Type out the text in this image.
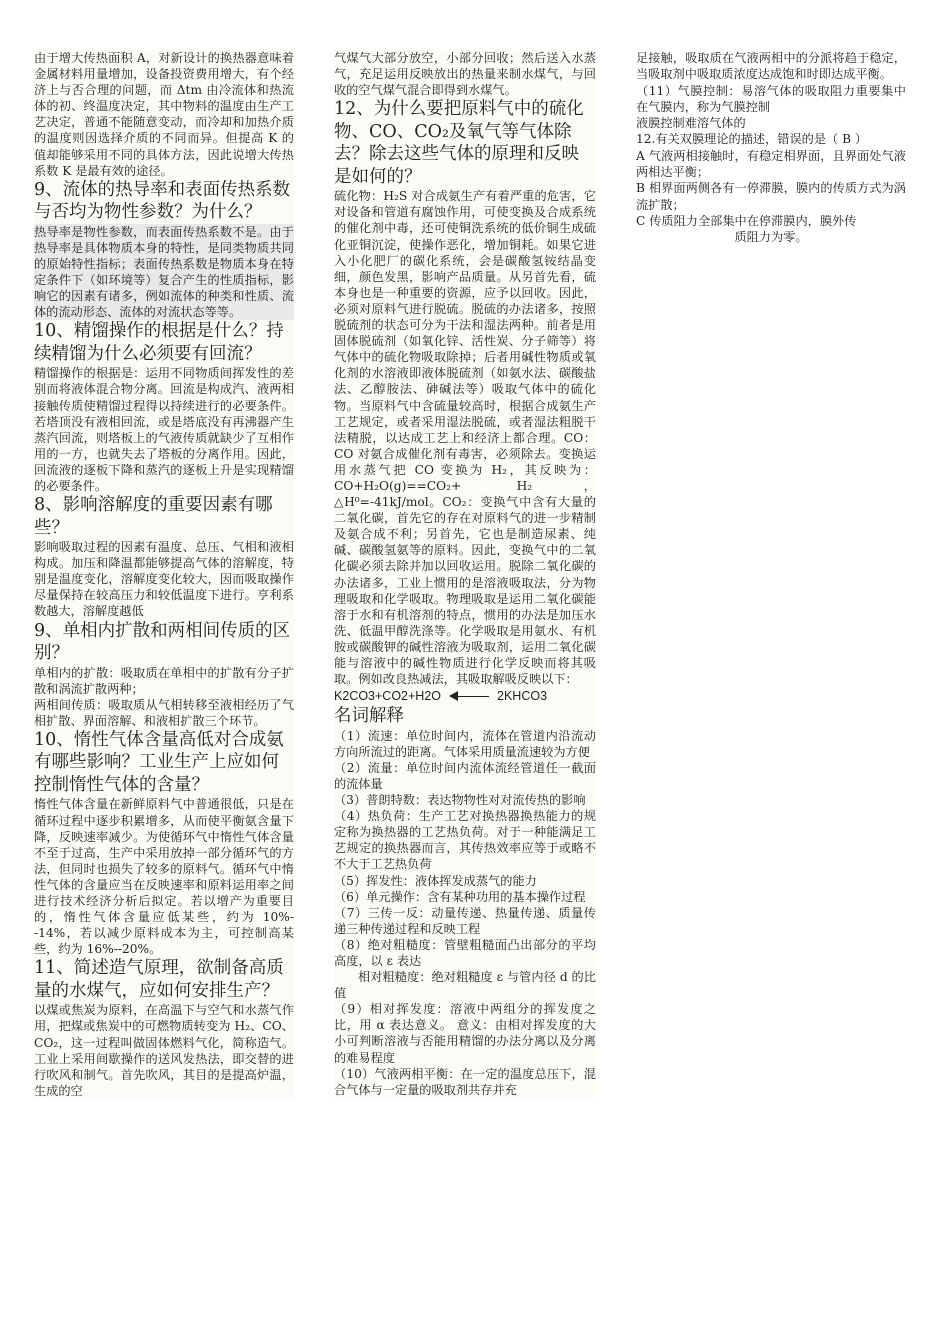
由于增大传热面积 A，对新设计的换热器意味着金属材料用量增加，设备投资费用增大，有个经济上与否合理的问题，而 Δtm 由冷流体和热流体的初、终温度决定，其中物料的温度由生产工艺决定，普通不能随意变动，而冷却和加热介质的温度则因选择介质的不同而异。但提高 K 的值却能够采用不同的具体方法，因此说增大传热系数 K 是最有效的途径。

9、流体的热导率和表面传热系数与否均为物性参数？为什么？

热导率是物性参数，而表面传热系数不是。由于热导率是具体物质本身的特性，是同类物质共同的原始特性指标；表面传热系数是物质本身在特定条件下（如环境等）复合产生的性质指标，影响它的因素有诸多，例如流体的种类和性质、流体的流动形态、流体的对流状态等等。

10、精馏操作的根据是什么？持续精馏为什么必须要有回流？

精馏操作的根据是：运用不同物质间挥发性的差别而将液体混合物分离。回流是构成汽、液两相接触传质使精馏过程得以持续进行的必要条件。若塔顶没有液相回流，或是塔底没有再沸器产生蒸汽回流，则塔板上的气液传质就缺少了互相作用的一方，也就失去了塔板的分离作用。因此，回流液的逐板下降和蒸汽的逐板上升是实现精馏的必要条件。

8、影响溶解度的重要因素有哪些？

影响吸取过程的因素有温度、总压、气相和液相构成。加压和降温都能够提高气体的溶解度，特别是温度变化，溶解度变化较大，因而吸取操作尽量保持在较高压力和较低温度下进行。亨利系数越大，溶解度越低

9、单相内扩散和两相间传质的区别？

单相内的扩散：吸取质在单相中的扩散有分子扩散和涡流扩散两种；

两相间传质：吸取质从气相转移至液相经历了气相扩散、界面溶解、和液相扩散三个环节。

10、惰性气体含量高低对合成氨有哪些影响？工业生产上应如何控制惰性气体的含量？

惰性气体含量在新鲜原料气中普通很低，只是在循环过程中逐步积累增多，从而使平衡氨含量下降，反映速率减少。为使循环气中惰性气体含量不至于过高，生产中采用放掉一部分循环气的方法，但同时也损失了较多的原料气。循环气中惰性气体的含量应当在反映速率和原料运用率之间进行技术经济分析后拟定。若以增产为重要目的，惰性气体含量应低某些，约为 10%--14%，若以减少原料成本为主，可控制高某些，约为 16%--20%。

11、简述造气原理，欲制备高质量的水煤气，应如何安排生产？

以煤或焦炭为原料，在高温下与空气和水蒸气作用，把煤或焦炭中的可燃物质转变为 H₂、CO、CO₂，这一过程叫做固体燃料气化，简称造气。工业上采用间歇操作的送风发热法，即交替的进行吹风和制气。首先吹风，其目的是提高炉温，生成的空

气煤气大部分放空，小部分回收；然后送入水蒸气，充足运用反映放出的热量来制水煤气，与回收的空气煤气混合即得到水煤气。

12、为什么要把原料气中的硫化物、CO、CO₂及氧气等气体除去？除去这些气体的原理和反映是如何的？

硫化物：H₂S 对合成氨生产有着严重的危害，它对设备和管道有腐蚀作用，可使变换及合成系统的催化剂中毒，还可使铜洗系统的低价铜生成硫化亚铜沉淀，使操作恶化，增加铜耗。如果它进入小化肥厂的碳化系统，会是碳酸氢铵结晶变细，颜色发黑，影响产品质量。从另首先看，硫本身也是一种重要的资源，应予以回收。因此，必须对原料气进行脱硫。脱硫的办法诸多，按照脱硫剂的状态可分为干法和湿法两种。前者是用固体脱硫剂（如氧化锌、活性炭、分子筛等）将气体中的硫化物吸取除掉；后者用碱性物质或氧化剂的水溶液即液体脱硫剂（如氨水法、碳酸盐法、乙醇胺法、砷碱法等）吸取气体中的硫化物。当原料气中含硫量较高时，根据合成氨生产工艺规定，或者采用湿法脱硫，或者湿法粗脱干法精脱，以达成工艺上和经济上都合理。CO：CO 对氨合成催化剂有毒害，必须除去。变换运用水蒸气把 CO 变换为 H₂，其反映为：CO+H₂O(g)==CO₂+ H₂，△H⁰=-41kJ/mol。CO₂：变换气中含有大量的二氧化碳，首先它的存在对原料气的进一步精制及氨合成不利；另首先，它也是制造尿素、纯碱、碳酸氢氨等的原料。因此，变换气中的二氧化碳必须去除并加以回收运用。脱除二氧化碳的办法诸多，工业上惯用的是溶液吸取法，分为物理吸取和化学吸取。物理吸取是运用二氧化碳能溶于水和有机溶剂的特点，惯用的办法是加压水洗、低温甲醇洗涤等。化学吸取是用氨水、有机胺或碳酸钾的碱性溶液为吸取剂，运用二氧化碳能与溶液中的碱性物质进行化学反映而将其吸取。例如改良热减法，其吸取解吸反映以下：

K2CO3+CO2+H2O	2KHCO3
名词解释

（1）流速：单位时间内，流体在管道内沿流动方向所流过的距离。气体采用质量流速较为方便

（2）流量：单位时间内流体流经管道任一截面的流体量

（3）普朗特数：表达物物性对对流传热的影响

（4）热负荷：生产工艺对换热器换热能力的规定称为换热器的工艺热负荷。对于一种能满足工艺规定的换热器而言，其传热效率应等于或略不不大于工艺热负荷

（5）挥发性：液体挥发成蒸气的能力

（6）单元操作：含有某种功用的基本操作过程

（7）三传一反：动量传递、热量传递、质量传递三种传递过程和反映工程

（8）绝对粗糙度：管壁粗糙面凸出部分的平均高度，以 ε 表达

相对粗糙度：绝对粗糙度 ε 与管内径 d 的比值

（9）相对挥发度：溶液中两组分的挥发度之比，用 α 表达意义。 意义：由相对挥发度的大小可判断溶液与否能用精馏的办法分离以及分离的难易程度

（10）气液两相平衡：在一定的温度总压下，混合气体与一定量的吸取剂共存并充

足接触，吸取质在气液两相中的分派将趋于稳定，当吸取剂中吸取质浓度达成饱和时即达成平衡。

（11）气膜控制：易溶气体的吸取阻力重要集中在气膜内，称为气膜控制

液膜控制难溶气体的

12.有关双膜理论的描述，错误的是（ B ）

A 气液两相接触时，有稳定相界面，且界面处气液两相达平衡；

B 相界面两侧各有一停滞膜，膜内的传质方式为涡流扩散；

C 传质阻力全部集中在停滞膜内，膜外传

质阻力为零。
